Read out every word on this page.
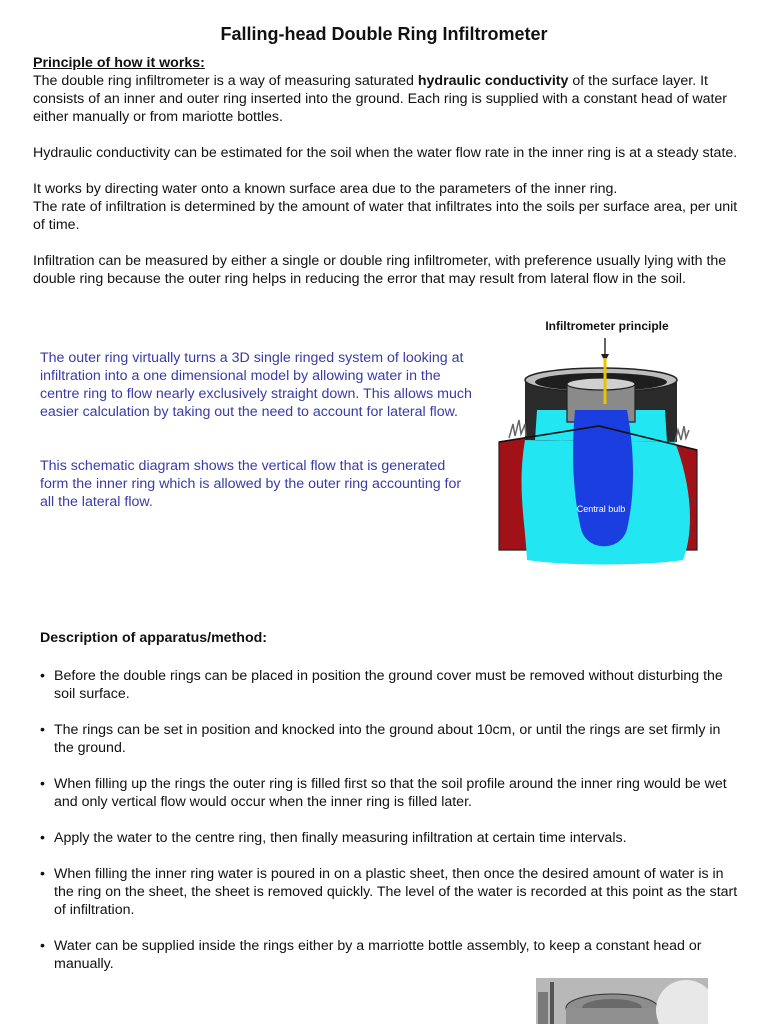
Falling-head Double Ring Infiltrometer

Principle of how it works:

The double ring infiltrometer is a way of measuring saturated hydraulic conductivity of the surface layer. It consists of an inner and outer ring inserted into the ground. Each ring is supplied with a constant head of water either manually or from mariotte bottles.

Hydraulic conductivity can be estimated for the soil when the water flow rate in the inner ring is at a steady state.

It works by directing water onto a known surface area due to the parameters of the inner ring.

The rate of infiltration is determined by the amount of water that infiltrates into the soils per surface area, per unit of time.

Infiltration can be measured by either a single or double ring infiltrometer, with preference usually lying with the double ring because the outer ring helps in reducing the error that may result from lateral flow in the soil.

The outer ring virtually turns a 3D single ringed system of looking at infiltration into a one dimensional model by allowing water in the centre ring to flow nearly exclusively straight down. This allows much easier calculation by taking out the need to account for lateral flow.

This schematic diagram shows the vertical flow that is generated form the inner ring which is allowed by the outer ring accounting for all the lateral flow.

Infiltrometer principle
Central bulb

Description of apparatus/method:

• Before the double rings can be placed in position the ground cover must be removed without disturbing the soil surface.
• The rings can be set in position and knocked into the ground about 10cm, or until the rings are set firmly in the ground.
• When filling up the rings the outer ring is filled first so that the soil profile around the inner ring would be wet and only vertical flow would occur when the inner ring is filled later.
• Apply the water to the centre ring, then finally measuring infiltration at certain time intervals.
• When filling the inner ring water is poured in on a plastic sheet, then once the desired amount of water is in the ring on the sheet, the sheet is removed quickly. The level of the water is recorded at this point as the start of infiltration.
• Water can be supplied inside the rings either by a marriotte bottle assembly, to keep a constant head or manually.
